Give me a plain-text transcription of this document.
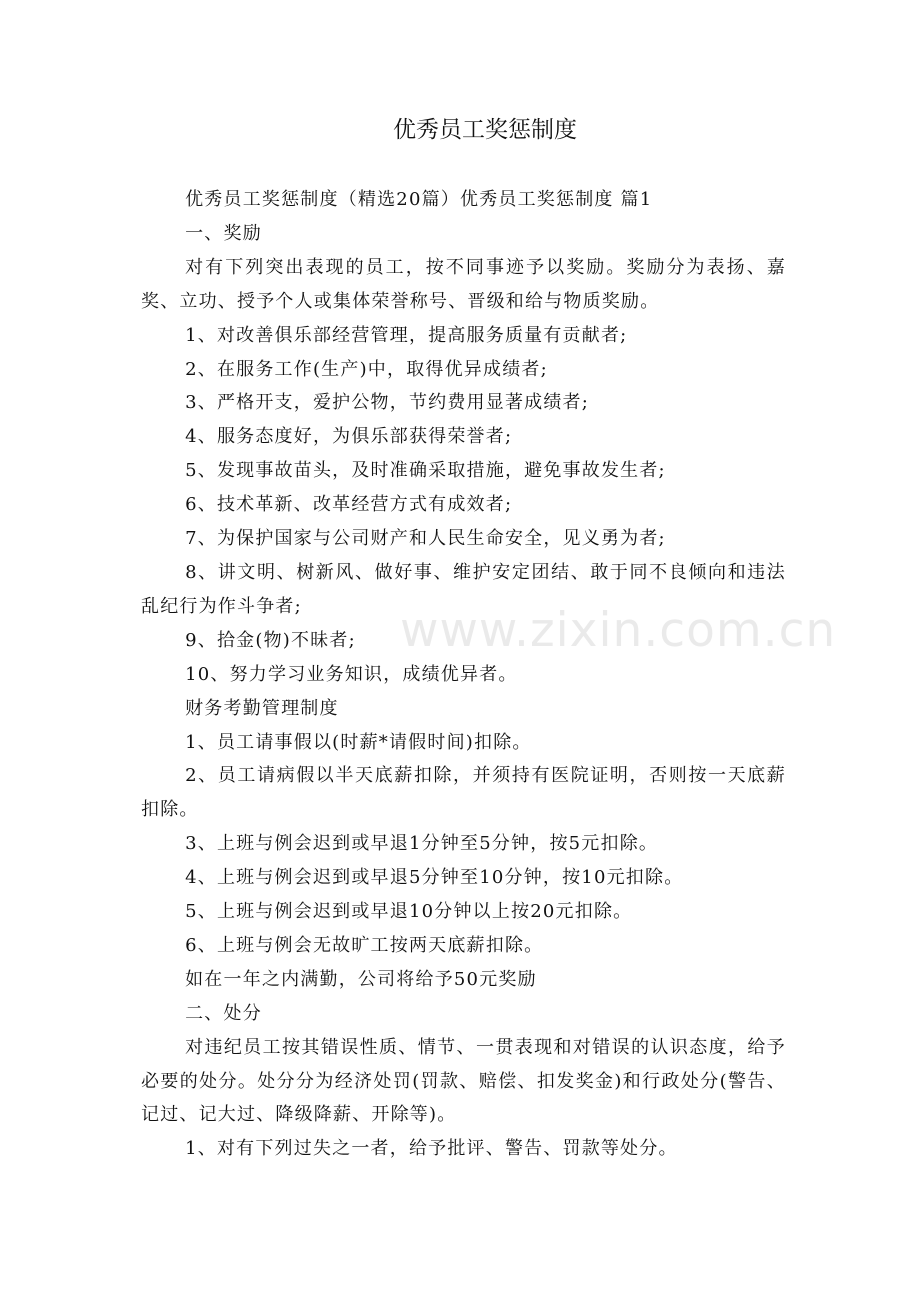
优秀员工奖惩制度

优秀员工奖惩制度（精选20篇）优秀员工奖惩制度 篇1

一、奖励

对有下列突出表现的员工，按不同事迹予以奖励。奖励分为表扬、嘉奖、立功、授予个人或集体荣誉称号、晋级和给与物质奖励。

1、对改善俱乐部经营管理，提高服务质量有贡献者;

2、在服务工作(生产)中，取得优异成绩者;

3、严格开支，爱护公物，节约费用显著成绩者;

4、服务态度好，为俱乐部获得荣誉者;

5、发现事故苗头，及时准确采取措施，避免事故发生者;

6、技术革新、改革经营方式有成效者;

7、为保护国家与公司财产和人民生命安全，见义勇为者;

8、讲文明、树新风、做好事、维护安定团结、敢于同不良倾向和违法乱纪行为作斗争者;

9、拾金(物)不昧者;

10、努力学习业务知识，成绩优异者。

财务考勤管理制度

1、员工请事假以(时薪*请假时间)扣除。

2、员工请病假以半天底薪扣除，并须持有医院证明，否则按一天底薪扣除。

3、上班与例会迟到或早退1分钟至5分钟，按5元扣除。

4、上班与例会迟到或早退5分钟至10分钟，按10元扣除。

5、上班与例会迟到或早退10分钟以上按20元扣除。

6、上班与例会无故旷工按两天底薪扣除。

如在一年之内满勤，公司将给予50元奖励

二、处分

对违纪员工按其错误性质、情节、一贯表现和对错误的认识态度，给予必要的处分。处分分为经济处罚(罚款、赔偿、扣发奖金)和行政处分(警告、记过、记大过、降级降薪、开除等)。

1、对有下列过失之一者，给予批评、警告、罚款等处分。

www.zixin.com.cn
